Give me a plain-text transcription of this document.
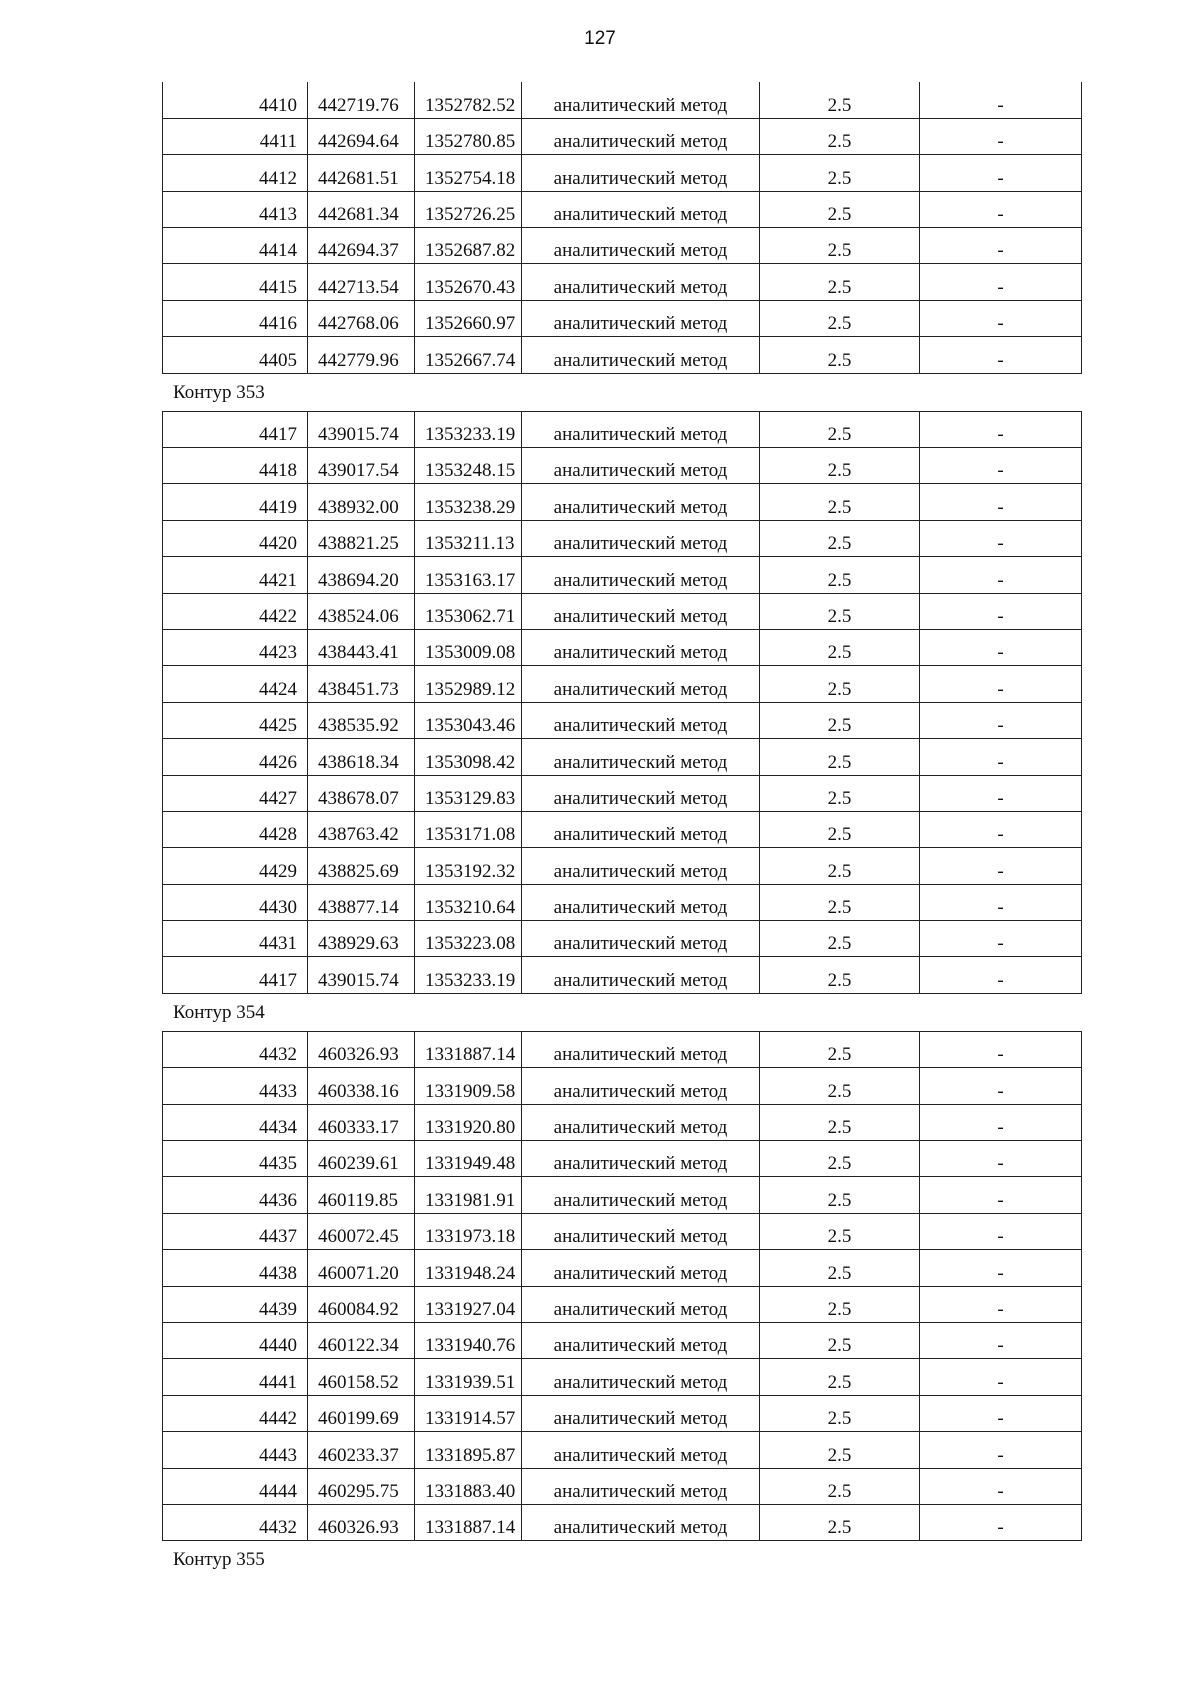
127
4410	442719.76	1352782.52	аналитический метод	2.5	-
4411	442694.64	1352780.85	аналитический метод	2.5	-
4412	442681.51	1352754.18	аналитический метод	2.5	-
4413	442681.34	1352726.25	аналитический метод	2.5	-
4414	442694.37	1352687.82	аналитический метод	2.5	-
4415	442713.54	1352670.43	аналитический метод	2.5	-
4416	442768.06	1352660.97	аналитический метод	2.5	-
4405	442779.96	1352667.74	аналитический метод	2.5	-
Контур 353
4417	439015.74	1353233.19	аналитический метод	2.5	-
4418	439017.54	1353248.15	аналитический метод	2.5	-
4419	438932.00	1353238.29	аналитический метод	2.5	-
4420	438821.25	1353211.13	аналитический метод	2.5	-
4421	438694.20	1353163.17	аналитический метод	2.5	-
4422	438524.06	1353062.71	аналитический метод	2.5	-
4423	438443.41	1353009.08	аналитический метод	2.5	-
4424	438451.73	1352989.12	аналитический метод	2.5	-
4425	438535.92	1353043.46	аналитический метод	2.5	-
4426	438618.34	1353098.42	аналитический метод	2.5	-
4427	438678.07	1353129.83	аналитический метод	2.5	-
4428	438763.42	1353171.08	аналитический метод	2.5	-
4429	438825.69	1353192.32	аналитический метод	2.5	-
4430	438877.14	1353210.64	аналитический метод	2.5	-
4431	438929.63	1353223.08	аналитический метод	2.5	-
4417	439015.74	1353233.19	аналитический метод	2.5	-
Контур 354
4432	460326.93	1331887.14	аналитический метод	2.5	-
4433	460338.16	1331909.58	аналитический метод	2.5	-
4434	460333.17	1331920.80	аналитический метод	2.5	-
4435	460239.61	1331949.48	аналитический метод	2.5	-
4436	460119.85	1331981.91	аналитический метод	2.5	-
4437	460072.45	1331973.18	аналитический метод	2.5	-
4438	460071.20	1331948.24	аналитический метод	2.5	-
4439	460084.92	1331927.04	аналитический метод	2.5	-
4440	460122.34	1331940.76	аналитический метод	2.5	-
4441	460158.52	1331939.51	аналитический метод	2.5	-
4442	460199.69	1331914.57	аналитический метод	2.5	-
4443	460233.37	1331895.87	аналитический метод	2.5	-
4444	460295.75	1331883.40	аналитический метод	2.5	-
4432	460326.93	1331887.14	аналитический метод	2.5	-
Контур 355
